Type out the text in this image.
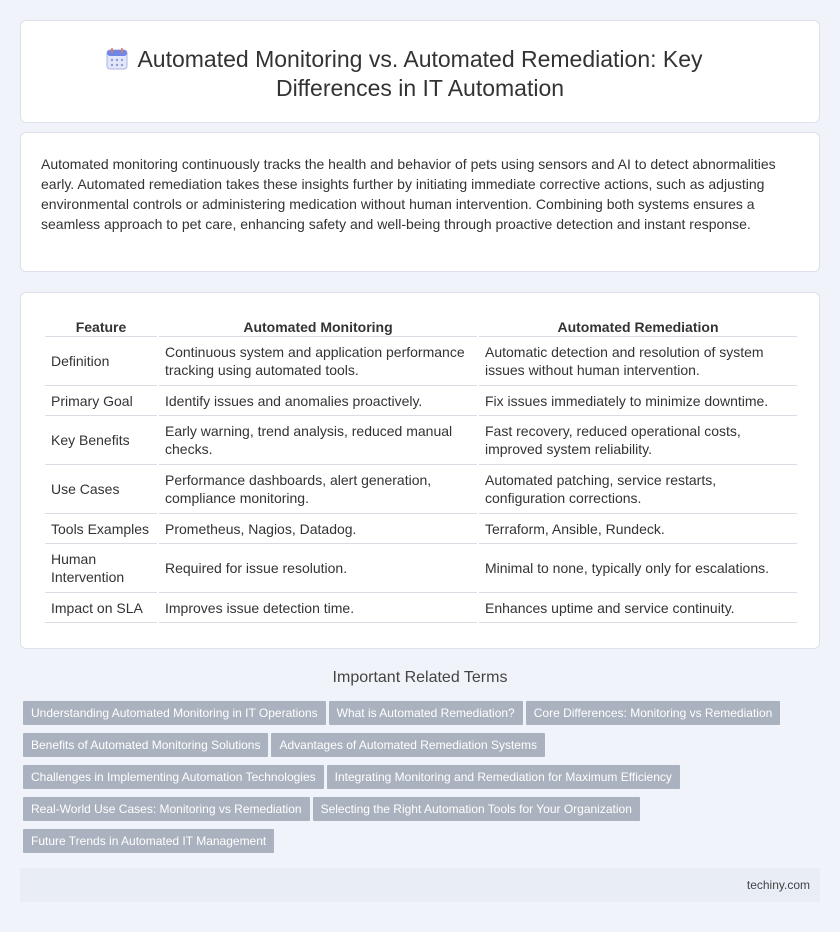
Automated Monitoring vs. Automated Remediation: Key Differences in IT Automation

Automated monitoring continuously tracks the health and behavior of pets using sensors and AI to detect abnormalities early. Automated remediation takes these insights further by initiating immediate corrective actions, such as adjusting environmental controls or administering medication without human intervention. Combining both systems ensures a seamless approach to pet care, enhancing safety and well-being through proactive detection and instant response.

Feature	Automated Monitoring	Automated Remediation
Definition	Continuous system and application performance tracking using automated tools.	Automatic detection and resolution of system issues without human intervention.
Primary Goal	Identify issues and anomalies proactively.	Fix issues immediately to minimize downtime.
Key Benefits	Early warning, trend analysis, reduced manual checks.	Fast recovery, reduced operational costs, improved system reliability.
Use Cases	Performance dashboards, alert generation, compliance monitoring.	Automated patching, service restarts, configuration corrections.
Tools Examples	Prometheus, Nagios, Datadog.	Terraform, Ansible, Rundeck.
Human Intervention	Required for issue resolution.	Minimal to none, typically only for escalations.
Impact on SLA	Improves issue detection time.	Enhances uptime and service continuity.
Important Related Terms
Understanding Automated Monitoring in IT Operations What is Automated Remediation? Core Differences: Monitoring vs Remediation
Benefits of Automated Monitoring Solutions Advantages of Automated Remediation Systems
Challenges in Implementing Automation Technologies Integrating Monitoring and Remediation for Maximum Efficiency
Real-World Use Cases: Monitoring vs Remediation Selecting the Right Automation Tools for Your Organization
Future Trends in Automated IT Management
techiny.com
